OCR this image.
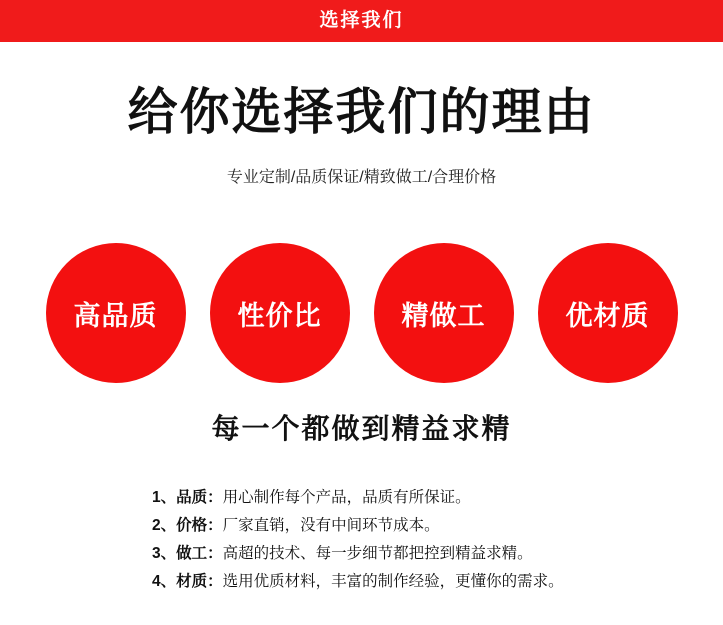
选择我们
给你选择我们的理由
专业定制/品质保证/精致做工/合理价格
高品质	性价比	精做工	优材质
每一个都做到精益求精
1、品质：用心制作每个产品，品质有所保证。
2、价格：厂家直销，没有中间环节成本。
3、做工：高超的技术、每一步细节都把控到精益求精。
4、材质：选用优质材料，丰富的制作经验，更懂你的需求。
